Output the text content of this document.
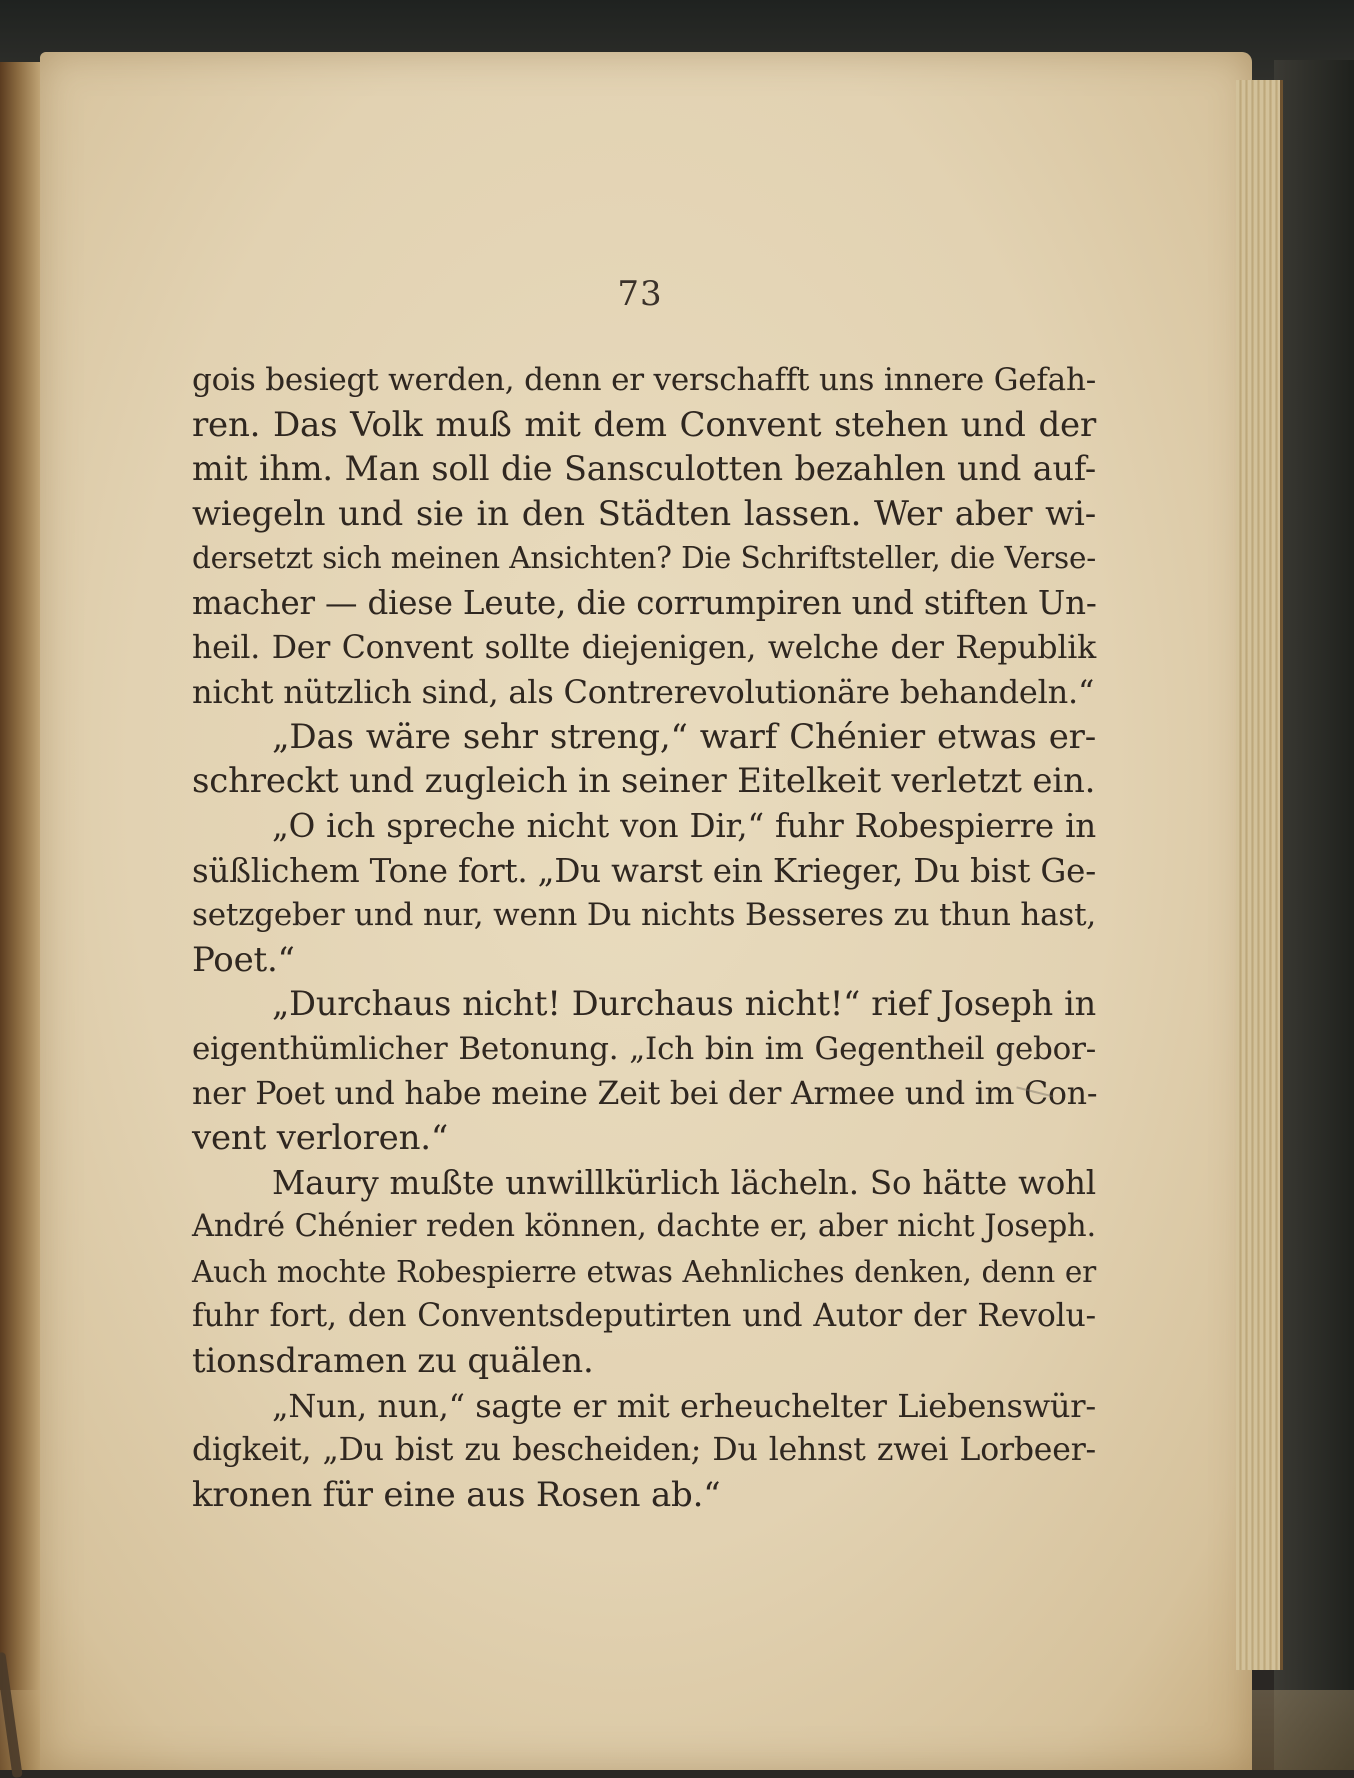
73
gois besiegt werden, denn er verschafft uns innere Gefah-
ren. Das Volk muß mit dem Convent stehen und der
mit ihm. Man soll die Sansculotten bezahlen und auf-
wiegeln und sie in den Städten lassen. Wer aber wi-
dersetzt sich meinen Ansichten? Die Schriftsteller, die Verse-
macher — diese Leute, die corrumpiren und stiften Un-
heil. Der Convent sollte diejenigen, welche der Republik
nicht nützlich sind, als Contrerevolutionäre behandeln.“
„Das wäre sehr streng,“ warf Chénier etwas er-
schreckt und zugleich in seiner Eitelkeit verletzt ein.
„O ich spreche nicht von Dir,“ fuhr Robespierre in
süßlichem Tone fort. „Du warst ein Krieger, Du bist Ge-
setzgeber und nur, wenn Du nichts Besseres zu thun hast,
Poet.“
„Durchaus nicht! Durchaus nicht!“ rief Joseph in
eigenthümlicher Betonung. „Ich bin im Gegentheil gebor-
ner Poet und habe meine Zeit bei der Armee und im Con-
vent verloren.“
Maury mußte unwillkürlich lächeln. So hätte wohl
André Chénier reden können, dachte er, aber nicht Joseph.
Auch mochte Robespierre etwas Aehnliches denken, denn er
fuhr fort, den Conventsdeputirten und Autor der Revolu-
tionsdramen zu quälen.
„Nun, nun,“ sagte er mit erheuchelter Liebenswür-
digkeit, „Du bist zu bescheiden; Du lehnst zwei Lorbeer-
kronen für eine aus Rosen ab.“
